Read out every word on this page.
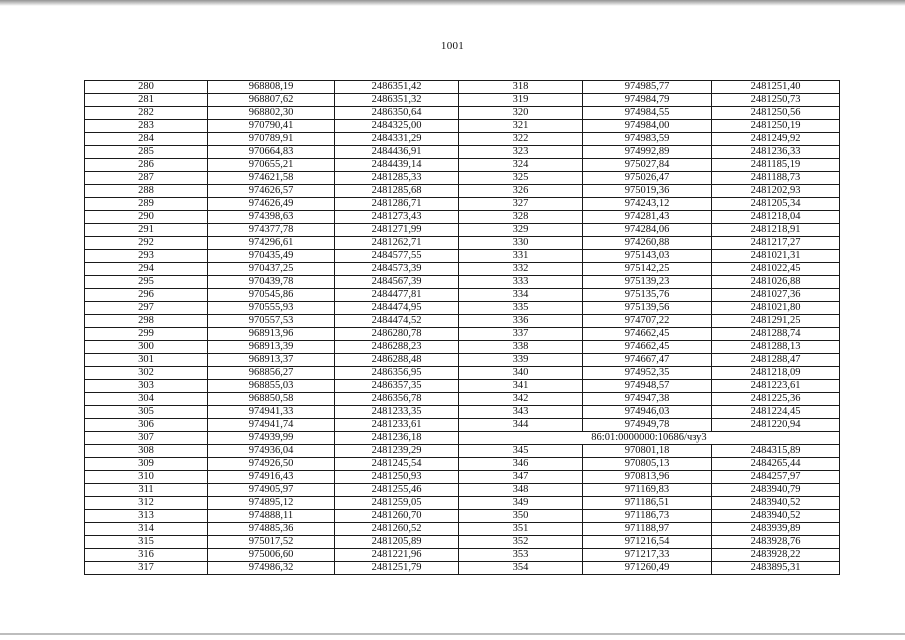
1001
280	968808,19	2486351,42	318	974985,77	2481251,40
281	968807,62	2486351,32	319	974984,79	2481250,73
282	968802,30	2486350,64	320	974984,55	2481250,56
283	970790,41	2484325,00	321	974984,00	2481250,19
284	970789,91	2484331,29	322	974983,59	2481249,92
285	970664,83	2484436,91	323	974992,89	2481236,33
286	970655,21	2484439,14	324	975027,84	2481185,19
287	974621,58	2481285,33	325	975026,47	2481188,73
288	974626,57	2481285,68	326	975019,36	2481202,93
289	974626,49	2481286,71	327	974243,12	2481205,34
290	974398,63	2481273,43	328	974281,43	2481218,04
291	974377,78	2481271,99	329	974284,06	2481218,91
292	974296,61	2481262,71	330	974260,88	2481217,27
293	970435,49	2484577,55	331	975143,03	2481021,31
294	970437,25	2484573,39	332	975142,25	2481022,45
295	970439,78	2484567,39	333	975139,23	2481026,88
296	970545,86	2484477,81	334	975135,76	2481027,36
297	970555,93	2484474,95	335	975139,56	2481021,80
298	970557,53	2484474,52	336	974707,22	2481291,25
299	968913,96	2486280,78	337	974662,45	2481288,74
300	968913,39	2486288,23	338	974662,45	2481288,13
301	968913,37	2486288,48	339	974667,47	2481288,47
302	968856,27	2486356,95	340	974952,35	2481218,09
303	968855,03	2486357,35	341	974948,57	2481223,61
304	968850,58	2486356,78	342	974947,38	2481225,36
305	974941,33	2481233,35	343	974946,03	2481224,45
306	974941,74	2481233,61	344	974949,78	2481220,94
307	974939,99	2481236,18	86:01:0000000:10686/чзу3		
308	974936,04	2481239,29	345	970801,18	2484315,89
309	974926,50	2481245,54	346	970805,13	2484265,44
310	974916,43	2481250,93	347	970813,96	2484257,97
311	974905,97	2481255,46	348	971169,83	2483940,79
312	974895,12	2481259,05	349	971186,51	2483940,52
313	974888,11	2481260,70	350	971186,73	2483940,52
314	974885,36	2481260,52	351	971188,97	2483939,89
315	975017,52	2481205,89	352	971216,54	2483928,76
316	975006,60	2481221,96	353	971217,33	2483928,22
317	974986,32	2481251,79	354	971260,49	2483895,31
